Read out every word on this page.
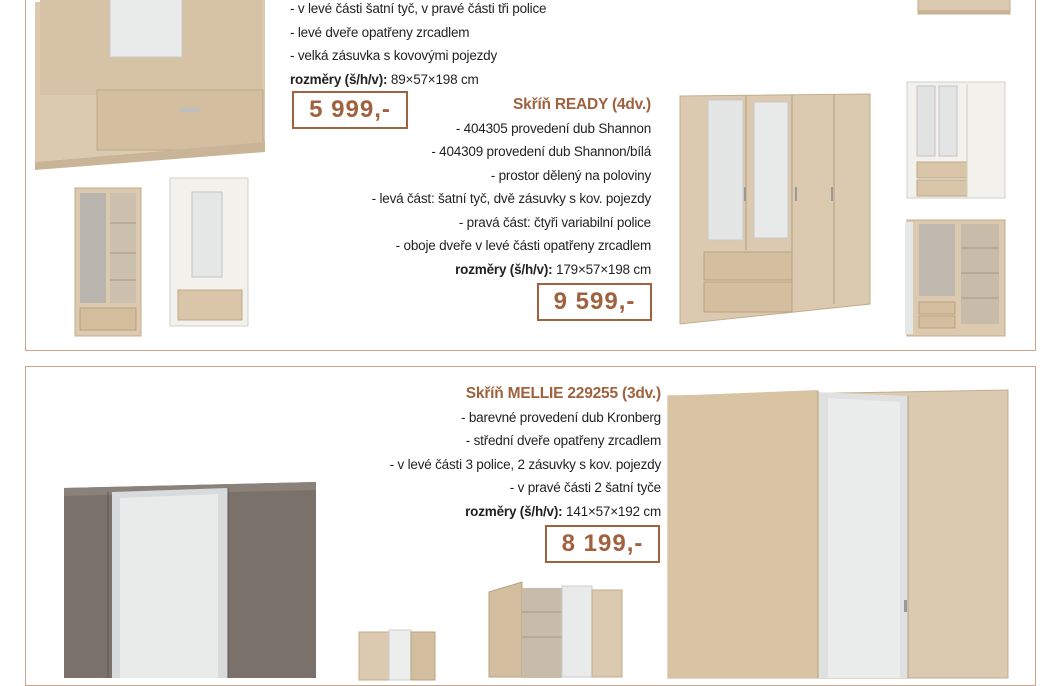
- v levé části šatní tyč, v pravé části tři police
- levé dveře opatřeny zrcadlem
- velká zásuvka s kovovými pojezdy
rozměry (š/h/v): 89×57×198 cm
5 999,-	Skříň READY (4dv.)
- 404305 provedení dub Shannon
- 404309 provedení dub Shannon/bílá
- prostor dělený na poloviny
- levá část: šatní tyč, dvě zásuvky s kov. pojezdy
- pravá část: čtyři variabilní police
- oboje dveře v levé části opatřeny zrcadlem
rozměry (š/h/v): 179×57×198 cm
9 599,-
Skříň MELLIE 229255 (3dv.)
- barevné provedení dub Kronberg
- střední dveře opatřeny zrcadlem
- v levé části 3 police, 2 zásuvky s kov. pojezdy
- v pravé části 2 šatní tyče
rozměry (š/h/v): 141×57×192 cm
8 199,-
